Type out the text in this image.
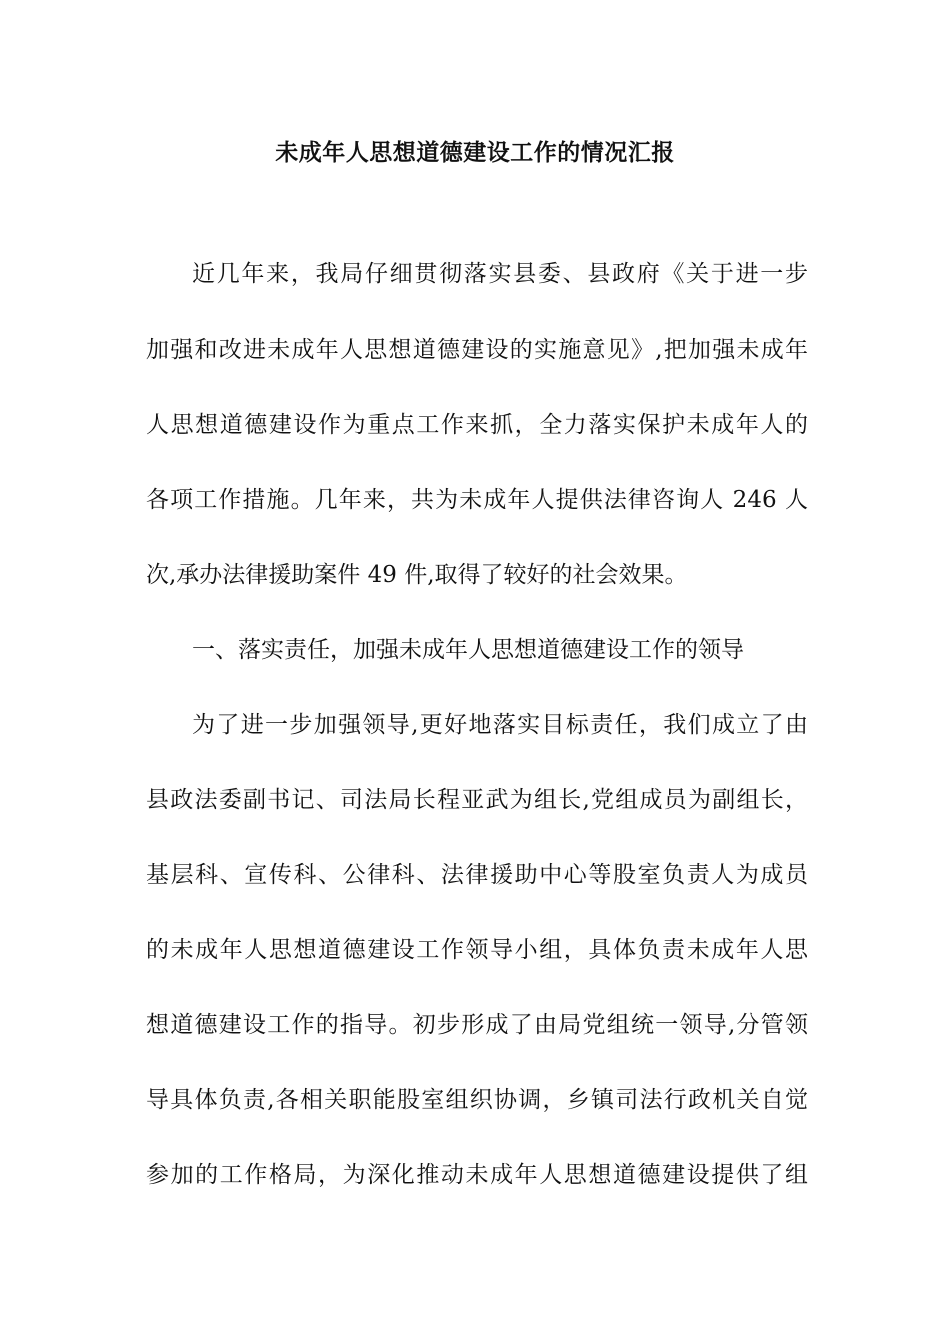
未成年人思想道德建设工作的情况汇报

近几年来，我局仔细贯彻落实县委、县政府《关于进一步

加强和改进未成年人思想道德建设的实施意见》,把加强未成年

人思想道德建设作为重点工作来抓，全力落实保护未成年人的

各项工作措施。几年来，共为未成年人提供法律咨询人 246 人

次,承办法律援助案件 49 件,取得了较好的社会效果。

一、落实责任，加强未成年人思想道德建设工作的领导

为了进一步加强领导,更好地落实目标责任，我们成立了由

县政法委副书记、司法局长程亚武为组长,党组成员为副组长，

基层科、宣传科、公律科、法律援助中心等股室负责人为成员

的未成年人思想道德建设工作领导小组，具体负责未成年人思

想道德建设工作的指导。初步形成了由局党组统一领导,分管领

导具体负责,各相关职能股室组织协调，乡镇司法行政机关自觉

参加的工作格局，为深化推动未成年人思想道德建设提供了组
